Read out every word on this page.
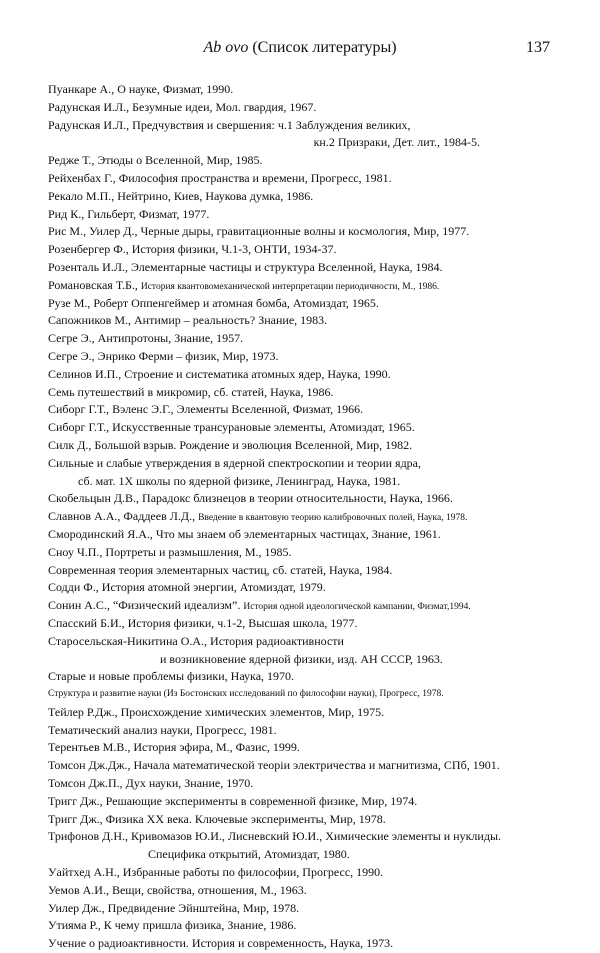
Ab ovo (Список литературы)	137
Пуанкаре А., О науке, Физмат, 1990.
Радунская И.Л., Безумные идеи, Мол. гвардия, 1967.
Радунская И.Л., Предчувствия и свершения: ч.1 Заблуждения великих,
кн.2 Призраки, Дет. лит., 1984-5.
Редже Т., Этюды о Вселенной, Мир, 1985.
Рейхенбах Г., Философия пространства и времени, Прогресс, 1981.
Рекало М.П., Нейтрино, Киев, Наукова думка, 1986.
Рид К., Гильберт, Физмат, 1977.
Рис М., Уилер Д., Черные дыры, гравитационные волны и космология, Мир, 1977.
Розенбергер Ф., История физики, Ч.1-3, ОНТИ, 1934-37.
Розенталь И.Л., Элементарные частицы и структура Вселенной, Наука, 1984.
Романовская Т.Б., История квантовомеханической интерпретации периодичности, М., 1986.
Рузе М., Роберт Оппенгеймер и атомная бомба, Атомиздат, 1965.
Сапожников М., Антимир – реальность? Знание, 1983.
Сегре Э., Антипротоны, Знание, 1957.
Сегре Э., Энрико Ферми – физик, Мир, 1973.
Селинов И.П., Строение и систематика атомных ядер, Наука, 1990.
Семь путешествий в микромир, сб. статей, Наука, 1986.
Сиборг Г.Т., Вэленс Э.Г., Элементы Вселенной, Физмат, 1966.
Сиборг Г.Т., Искусственные трансурановые элементы, Атомиздат, 1965.
Силк Д., Большой взрыв. Рождение и эволюция Вселенной, Мир, 1982.
Сильные и слабые утверждения в ядерной спектроскопии и теории ядра,
сб. мат. 1Х школы по ядерной физике, Ленинград, Наука, 1981.
Скобельцын Д.В., Парадокс близнецов в теории относительности, Наука, 1966.
Славнов А.А., Фаддеев Л.Д., Введение в квантовую теорию калибровочных полей, Наука, 1978.
Смородинский Я.А., Что мы знаем об элементарных частицах, Знание, 1961.
Сноу Ч.П., Портреты и размышления, М., 1985.
Современная теория элементарных частиц, сб. статей, Наука, 1984.
Содди Ф., История атомной энергии, Атомиздат, 1979.
Сонин А.С., “Физический идеализм”. История одной идеологической кампании, Физмат,1994.
Спасский Б.И., История физики, ч.1-2, Высшая школа, 1977.
Старосельская-Никитина О.А., История радиоактивности
и возникновение ядерной физики, изд. АН СССР, 1963.
Старые и новые проблемы физики, Наука, 1970.
Структура и развитие науки (Из Бостонских исследований по философии науки), Прогресс, 1978.
Тейлер Р.Дж., Происхождение химических элементов, Мир, 1975.
Тематический анализ науки, Прогресс, 1981.
Терентьев М.В., История эфира, М., Фазис, 1999.
Томсон Дж.Дж., Начала математической теорiи электричества и магнитизма, СПб, 1901.
Томсон Дж.П., Дух науки, Знание, 1970.
Тригг Дж., Решающие эксперименты в современной физике, Мир, 1974.
Тригг Дж., Физика XX века. Ключевые эксперименты, Мир, 1978.
Трифонов Д.Н., Кривомазов Ю.И., Лисневский Ю.И., Химические элементы и нуклиды.
Специфика открытий, Атомиздат, 1980.
Уайтхед А.Н., Избранные работы по философии, Прогресс, 1990.
Уемов А.И., Вещи, свойства, отношения, М., 1963.
Уилер Дж., Предвидение Эйнштейна, Мир, 1978.
Утияма Р., К чему пришла физика, Знание, 1986.
Учение о радиоактивности. История и современность, Наука, 1973.
